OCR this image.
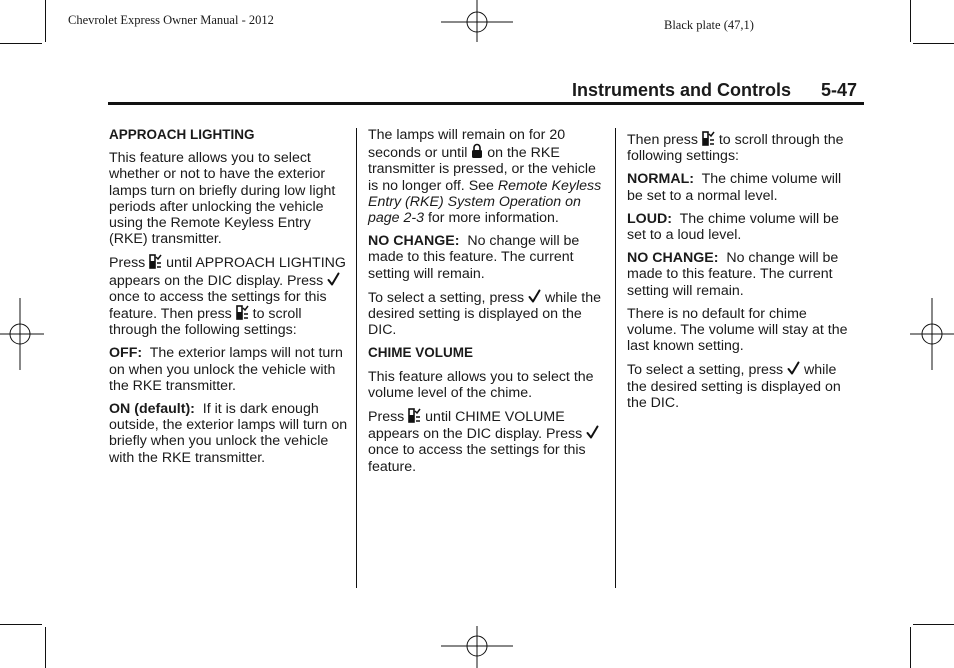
Chevrolet Express Owner Manual - 2012	Black plate (47,1)
Instruments and Controls 5-47

APPROACH LIGHTING

This feature allows you to select whether or not to have the exterior lamps turn on briefly during low light periods after unlocking the vehicle using the Remote Keyless Entry (RKE) transmitter.

Press  until APPROACH LIGHTING appears on the DIC display. Press  once to access the settings for this feature. Then press  to scroll through the following settings:

OFF: The exterior lamps will not turn on when you unlock the vehicle with the RKE transmitter.

ON (default): If it is dark enough outside, the exterior lamps will turn on briefly when you unlock the vehicle with the RKE transmitter.

The lamps will remain on for 20 seconds or until  on the RKE transmitter is pressed, or the vehicle is no longer off. See Remote Keyless Entry (RKE) System Operation on page 2‑3 for more information.

NO CHANGE: No change will be made to this feature. The current setting will remain.

To select a setting, press  while the desired setting is displayed on the DIC.

CHIME VOLUME

This feature allows you to select the volume level of the chime.

Press  until CHIME VOLUME appears on the DIC display. Press  once to access the settings for this feature.

Then press  to scroll through the following settings:

NORMAL: The chime volume will be set to a normal level.

LOUD: The chime volume will be set to a loud level.

NO CHANGE: No change will be made to this feature. The current setting will remain.

There is no default for chime volume. The volume will stay at the last known setting.

To select a setting, press  while the desired setting is displayed on the DIC.
